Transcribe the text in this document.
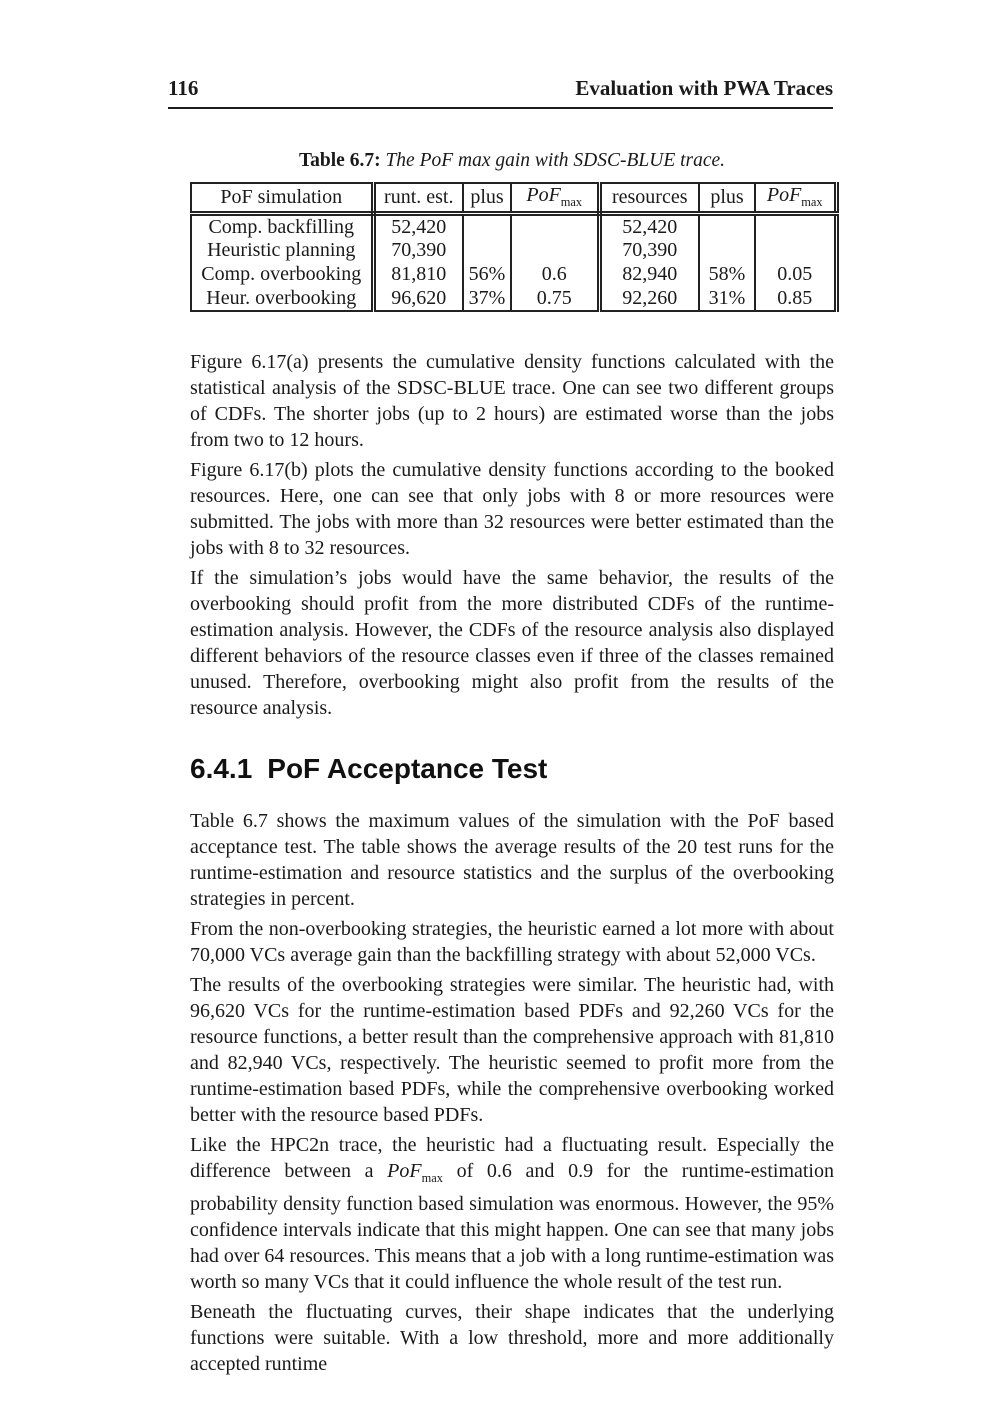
116	Evaluation with PWA Traces
Table 6.7: The PoF max gain with SDSC-BLUE trace.
PoF simulation	runt. est.	plus	PoF$_{max}$	resources	plus	PoF$_{max}$
Comp. backfilling	52,420			52,420		
Heuristic planning	70,390			70,390		
Comp. overbooking	81,810	56%	0.6	82,940	58%	0.05
Heur. overbooking	96,620	37%	0.75	92,260	31%	0.85

Figure 6.17(a) presents the cumulative density functions calculated with the statistical analysis of the SDSC-BLUE trace. One can see two different groups of CDFs. The shorter jobs (up to 2 hours) are estimated worse than the jobs from two to 12 hours.

Figure 6.17(b) plots the cumulative density functions according to the booked resources. Here, one can see that only jobs with 8 or more resources were submitted. The jobs with more than 32 resources were better estimated than the jobs with 8 to 32 resources.

If the simulation’s jobs would have the same behavior, the results of the overbooking should profit from the more distributed CDFs of the runtime-estimation analysis. However, the CDFs of the resource analysis also displayed different behaviors of the resource classes even if three of the classes remained unused. Therefore, overbooking might also profit from the results of the resource analysis.

6.4.1 PoF Acceptance Test

Table 6.7 shows the maximum values of the simulation with the PoF based acceptance test. The table shows the average results of the 20 test runs for the runtime-estimation and resource statistics and the surplus of the overbooking strategies in percent.

From the non-overbooking strategies, the heuristic earned a lot more with about 70,000 VCs average gain than the backfilling strategy with about 52,000 VCs.

The results of the overbooking strategies were similar. The heuristic had, with 96,620 VCs for the runtime-estimation based PDFs and 92,260 VCs for the resource functions, a better result than the comprehensive approach with 81,810 and 82,940 VCs, respectively. The heuristic seemed to profit more from the runtime-estimation based PDFs, while the comprehensive overbooking worked better with the resource based PDFs.

Like the HPC2n trace, the heuristic had a fluctuating result. Especially the difference between a PoF$_{max}$ of 0.6 and 0.9 for the runtime-estimation probability density function based simulation was enormous. However, the 95% confidence intervals indicate that this might happen. One can see that many jobs had over 64 resources. This means that a job with a long runtime-estimation was worth so many VCs that it could influence the whole result of the test run.

Beneath the fluctuating curves, their shape indicates that the underlying functions were suitable. With a low threshold, more and more additionally accepted runtime
